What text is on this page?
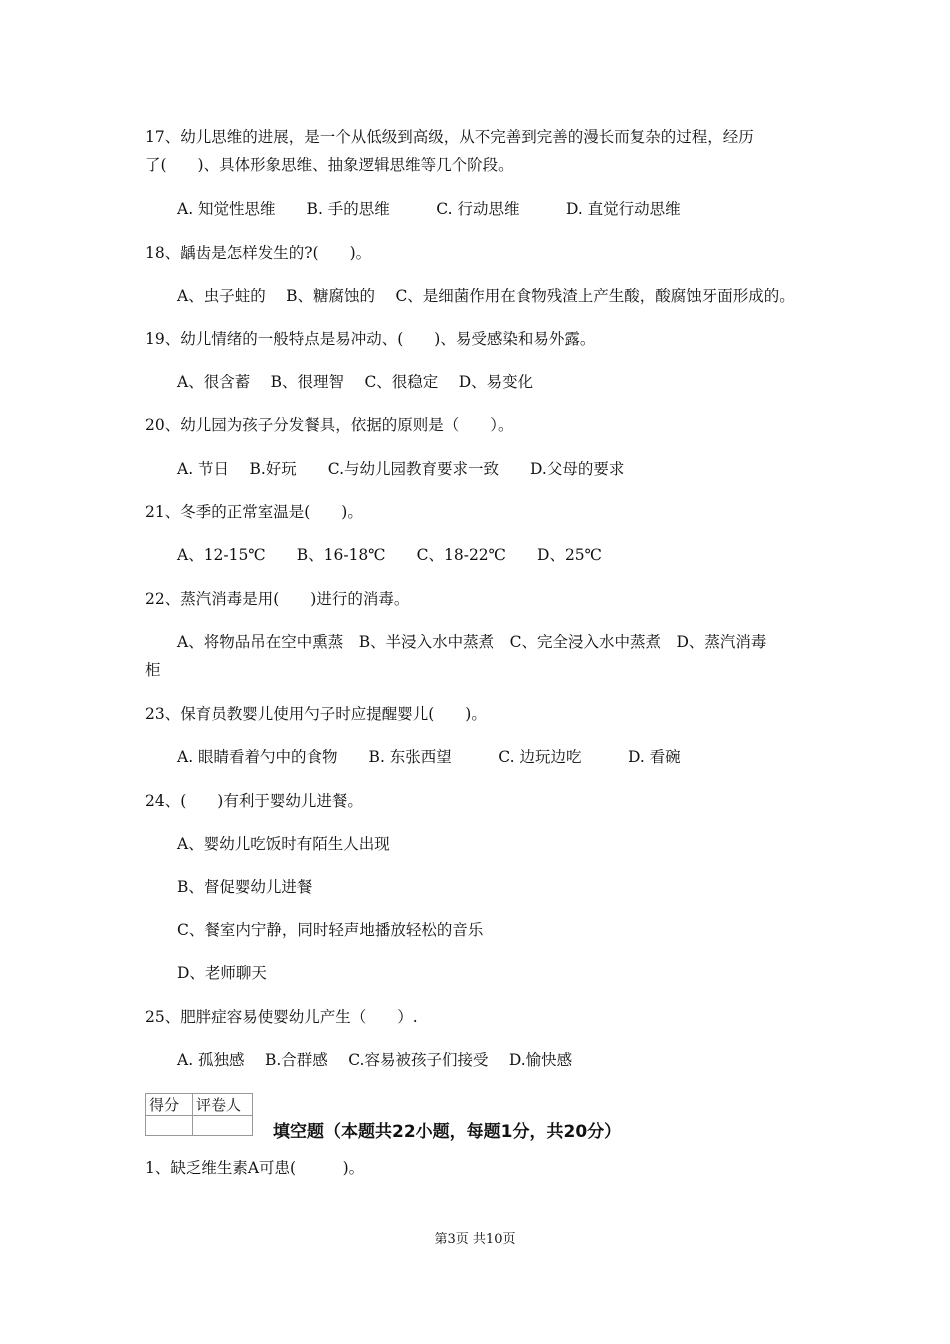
17、幼儿思维的进展，是一个从低级到高级，从不完善到完善的漫长而复杂的过程，经历
了(　　)、具体形象思维、抽象逻辑思维等几个阶段。
A. 知觉性思维　　B. 手的思维　　　C. 行动思维　　　D. 直觉行动思维
18、龋齿是怎样发生的?(　　)。
A、虫子蛀的　 B、糖腐蚀的　 C、是细菌作用在食物残渣上产生酸，酸腐蚀牙面形成的。
19、幼儿情绪的一般特点是易冲动、(　　)、易受感染和易外露。
A、很含蓄　 B、很理智　 C、很稳定　 D、易变化
20、幼儿园为孩子分发餐具，依据的原则是（　　）。
A. 节日　 B.好玩　　C.与幼儿园教育要求一致　　D.父母的要求
21、冬季的正常室温是(　　)。
A、12-15℃　　B、16-18℃　　C、18-22℃　　D、25℃
22、蒸汽消毒是用(　　)进行的消毒。
A、将物品吊在空中熏蒸　B、半浸入水中蒸煮　C、完全浸入水中蒸煮　D、蒸汽消毒
柜
23、保育员教婴儿使用勺子时应提醒婴儿(　　)。
A. 眼睛看着勺中的食物　　B. 东张西望　　　C. 边玩边吃　　　D. 看碗
24、(　　)有利于婴幼儿进餐。
A、婴幼儿吃饭时有陌生人出现
B、督促婴幼儿进餐
C、餐室内宁静，同时轻声地播放轻松的音乐
D、老师聊天
25、肥胖症容易使婴幼儿产生（　　）.
A. 孤独感　 B.合群感　 C.容易被孩子们接受　 D.愉快感
得分	评卷人

填空题（本题共22小题，每题1分，共20分）
1、缺乏维生素A可患(　　　)。
第3页 共10页
